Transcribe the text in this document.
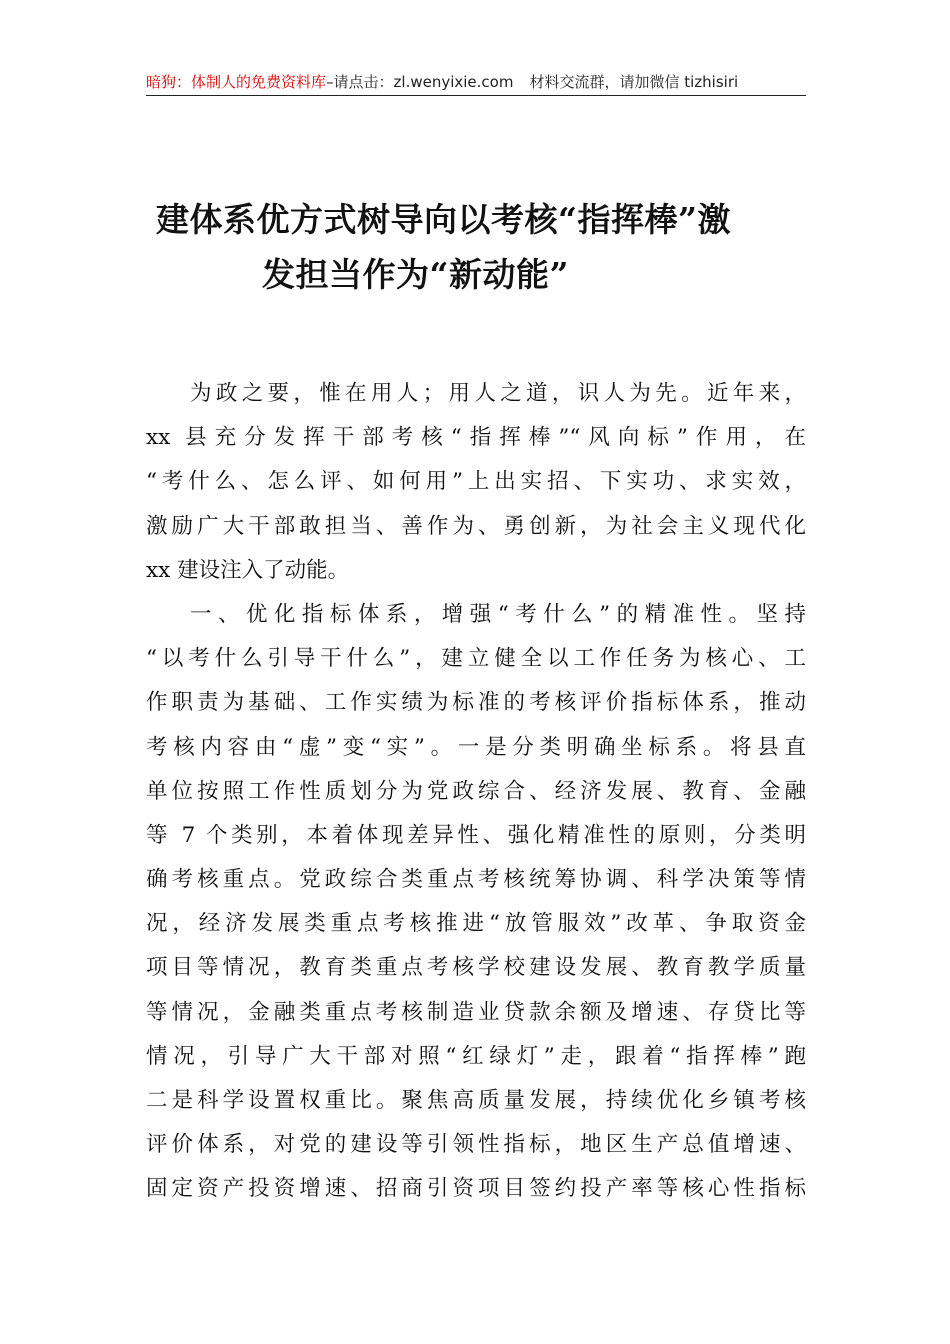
暗狗：体制人的免费资料库–请点击：zl.wenyixie.com 材料交流群，请加微信 tizhisiri
建体系优方式树导向以考核“指挥棒”激
发担当作为“新动能”
为政之要，惟在用人；用人之道，识人为先。近年来，
xx 县充分发挥干部考核“指挥棒”“风向标”作用，在
“考什么、怎么评、如何用”上出实招、下实功、求实效，
激励广大干部敢担当、善作为、勇创新，为社会主义现代化
xx 建设注入了动能。
一、优化指标体系，增强“考什么”的精准性。坚持
“以考什么引导干什么”，建立健全以工作任务为核心、工
作职责为基础、工作实绩为标准的考核评价指标体系，推动
考核内容由“虚”变“实”。一是分类明确坐标系。将县直
单位按照工作性质划分为党政综合、经济发展、教育、金融
等 7 个类别，本着体现差异性、强化精准性的原则，分类明
确考核重点。党政综合类重点考核统筹协调、科学决策等情
况，经济发展类重点考核推进“放管服效”改革、争取资金
项目等情况，教育类重点考核学校建设发展、教育教学质量
等情况，金融类重点考核制造业贷款余额及增速、存贷比等
情况，引导广大干部对照“红绿灯”走，跟着“指挥棒”跑
二是科学设置权重比。聚焦高质量发展，持续优化乡镇考核
评价体系，对党的建设等引领性指标，地区生产总值增速、
固定资产投资增速、招商引资项目签约投产率等核心性指标
